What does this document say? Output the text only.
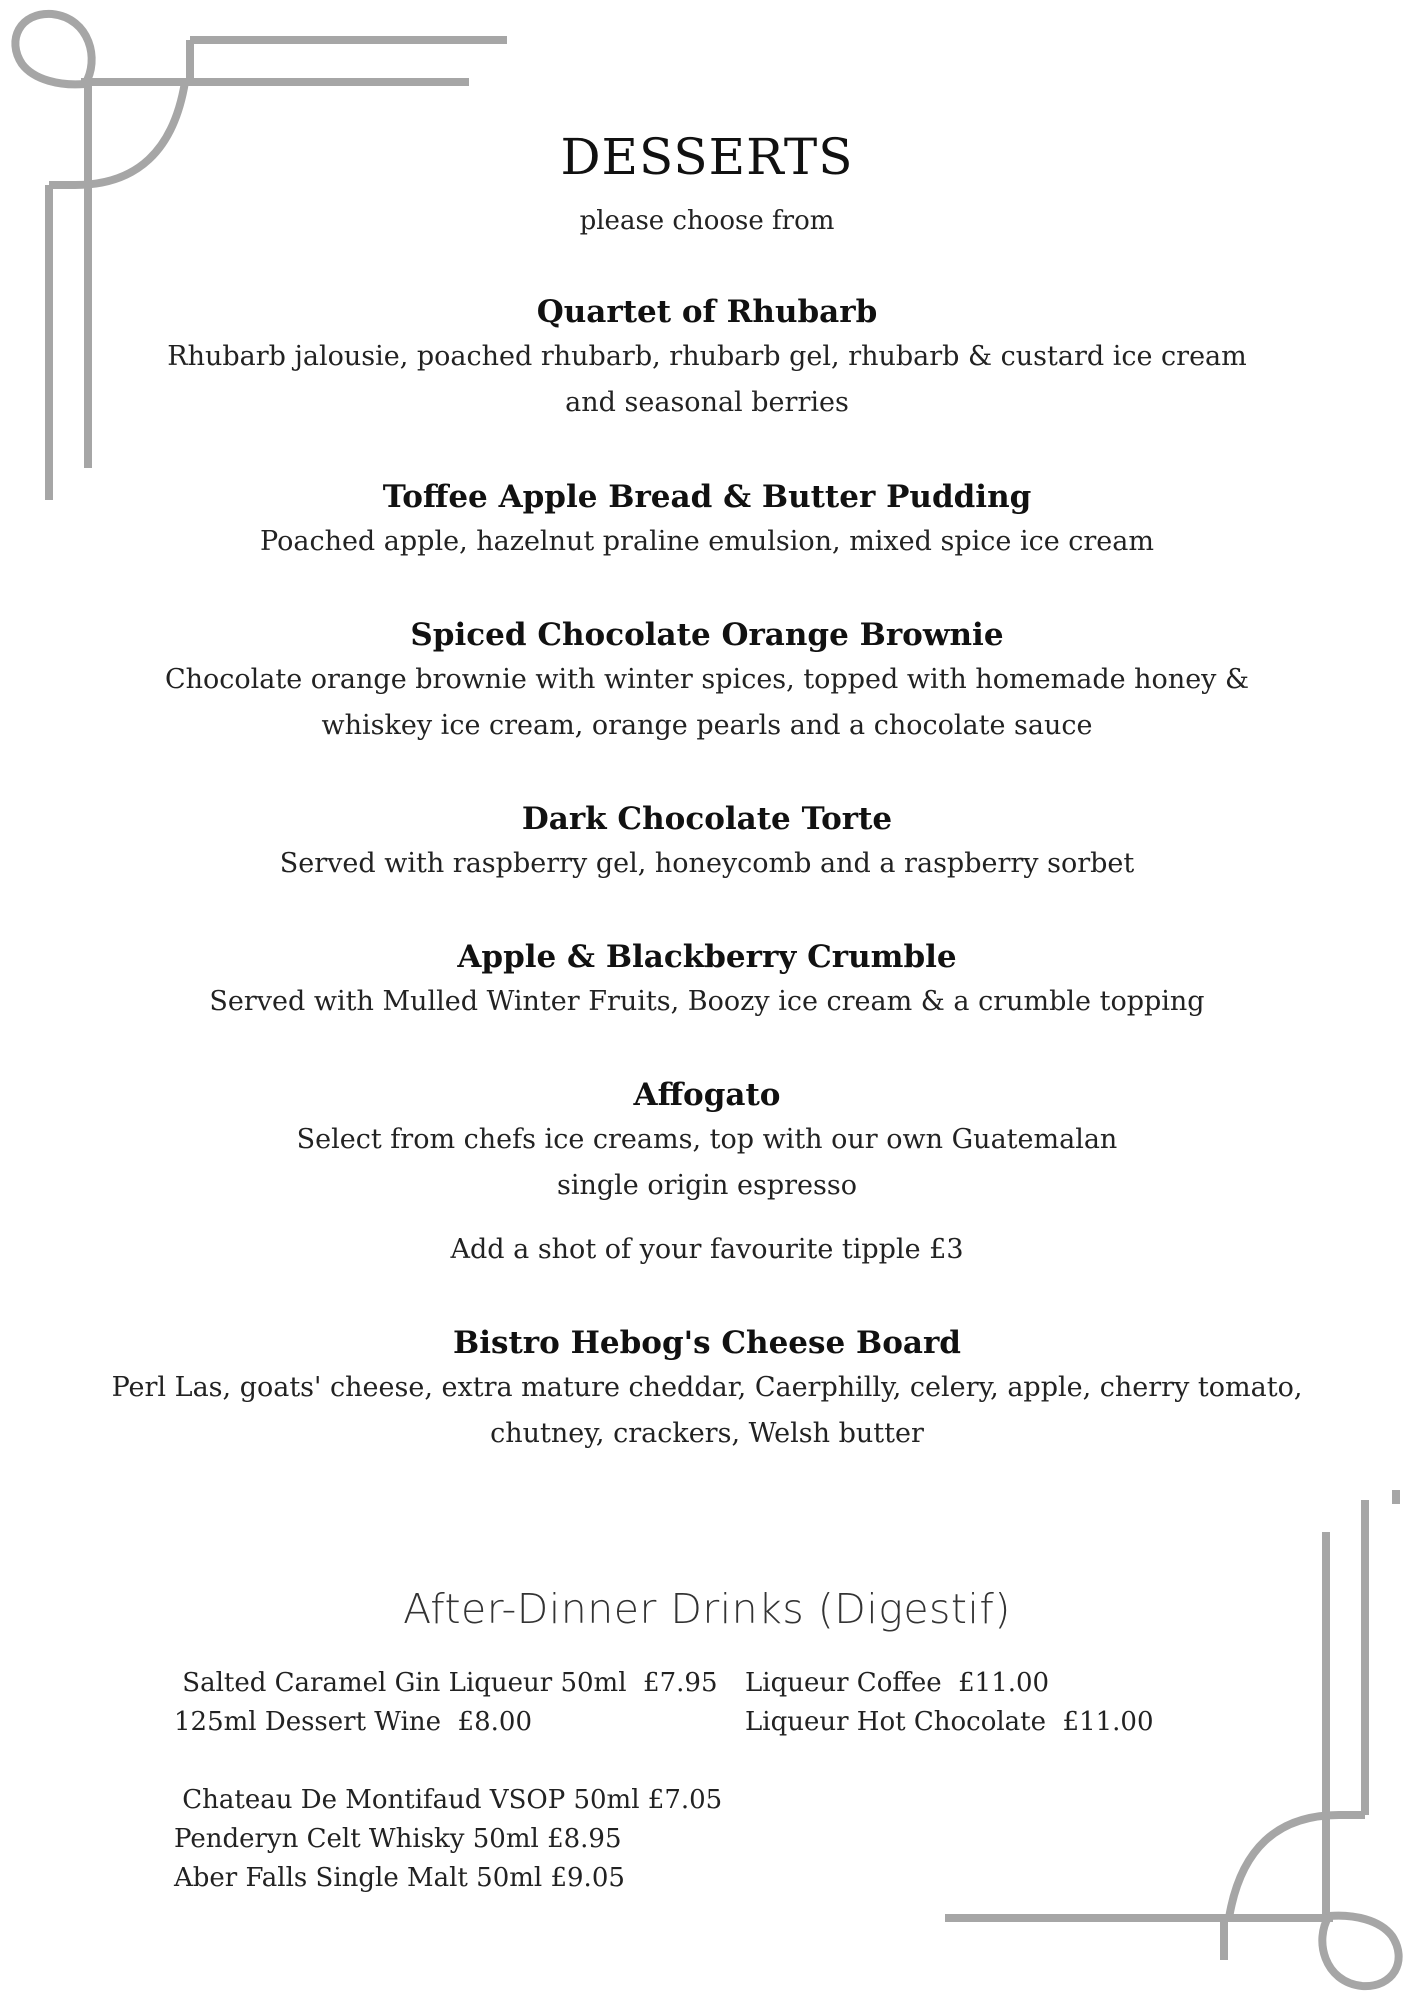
DESSERTS
please choose from
Quartet of Rhubarb
Rhubarb jalousie, poached rhubarb, rhubarb gel, rhubarb & custard ice cream
and seasonal berries
Toffee Apple Bread & Butter Pudding
Poached apple, hazelnut praline emulsion, mixed spice ice cream
Spiced Chocolate Orange Brownie
Chocolate orange brownie with winter spices, topped with homemade honey &
whiskey ice cream, orange pearls and a chocolate sauce
Dark Chocolate Torte
Served with raspberry gel, honeycomb and a raspberry sorbet
Apple & Blackberry Crumble
Served with Mulled Winter Fruits, Boozy ice cream & a crumble topping
Affogato
Select from chefs ice creams, top with our own Guatemalan
single origin espresso
Add a shot of your favourite tipple £3
Bistro Hebog's Cheese Board
Perl Las, goats' cheese, extra mature cheddar, Caerphilly, celery, apple, cherry tomato,
chutney, crackers, Welsh butter
After-Dinner Drinks (Digestif)
Salted Caramel Gin Liqueur 50ml  £7.95
125ml Dessert Wine  £8.00
Chateau De Montifaud VSOP 50ml £7.05
Penderyn Celt Whisky 50ml £8.95
Aber Falls Single Malt 50ml £9.05
Liqueur Coffee  £11.00
Liqueur Hot Chocolate  £11.00
